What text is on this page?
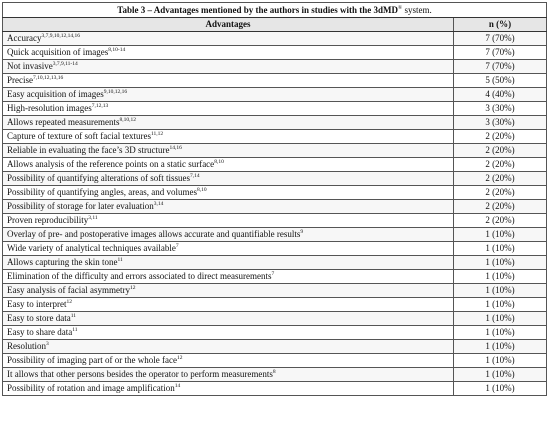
Table 3 – Advantages mentioned by the authors in studies with the 3dMD® system.	
Advantages	n (%)
Accuracy$^{3,7,9,10,12,14,16}$	7 (70%)
Quick acquisition of images$^{8,10-14}$	7 (70%)
Not invasive$^{3,7,9,11-14}$	7 (70%)
Precise$^{7,10,12,13,16}$	5 (50%)
Easy acquisition of images$^{9,10,12,16}$	4 (40%)
High-resolution images$^{7,12,13}$	3 (30%)
Allows repeated measurements$^{8,10,12}$	3 (30%)
Capture of texture of soft facial textures$^{11,12}$	2 (20%)
Reliable in evaluating the face’s 3D structure$^{14,16}$	2 (20%)
Allows analysis of the reference points on a static surface$^{8,10}$	2 (20%)
Possibility of quantifying alterations of soft tissues$^{7,14}$	2 (20%)
Possibility of quantifying angles, areas, and volumes$^{8,10}$	2 (20%)
Possibility of storage for later evaluation$^{3,14}$	2 (20%)
Proven reproducibility$^{3,11}$	2 (20%)
Overlay of pre- and postoperative images allows accurate and quantifiable results$^9$	1 (10%)
Wide variety of analytical techniques available$^7$	1 (10%)
Allows capturing the skin tone$^{11}$	1 (10%)
Elimination of the difficulty and errors associated to direct measurements$^7$	1 (10%)
Easy analysis of facial asymmetry$^{12}$	1 (10%)
Easy to interpret$^{12}$	1 (10%)
Easy to store data$^{11}$	1 (10%)
Easy to share data$^{11}$	1 (10%)
Resolution$^3$	1 (10%)
Possibility of imaging part of or the whole face$^{12}$	1 (10%)
It allows that other persons besides the operator to perform measurements$^8$	1 (10%)
Possibility of rotation and image amplification$^{14}$	1 (10%)
